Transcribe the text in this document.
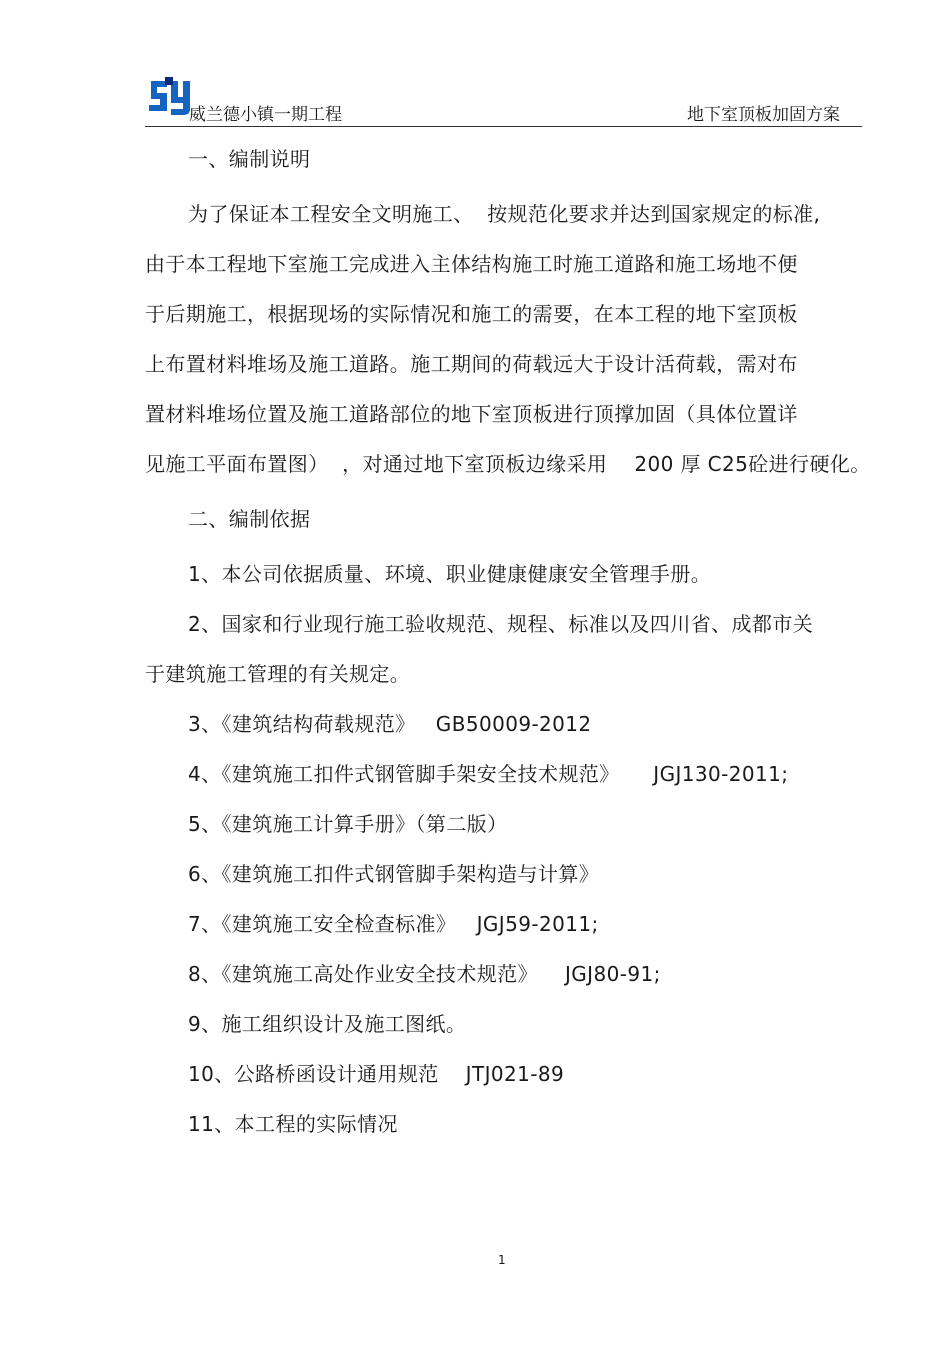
威兰德小镇一期工程	地下室顶板加固方案
一、编制说明
为了保证本工程安全文明施工、  按规范化要求并达到国家规定的标准,
由于本工程地下室施工完成进入主体结构施工时施工道路和施工场地不便
于后期施工，根据现场的实际情况和施工的需要，在本工程的地下室顶板
上布置材料堆场及施工道路。施工期间的荷载远大于设计活荷载，需对布
置材料堆场位置及施工道路部位的地下室顶板进行顶撑加固（具体位置详
见施工平面布置图）  ，对通过地下室顶板边缘采用    200 厚 C25砼进行硬化。
二、编制依据
1、本公司依据质量、环境、职业健康健康安全管理手册。
2、国家和行业现行施工验收规范、规程、标准以及四川省、成都市关
于建筑施工管理的有关规定。
3、《建筑结构荷载规范》   GB50009-2012
4、《建筑施工扣件式钢管脚手架安全技术规范》     JGJ130-2011;
5、《建筑施工计算手册》（第二版）
6、《建筑施工扣件式钢管脚手架构造与计算》
7、《建筑施工安全检查标准》   JGJ59-2011;
8、《建筑施工高处作业安全技术规范》    JGJ80-91;
9、施工组织设计及施工图纸。
10、公路桥函设计通用规范    JTJ021-89
11、本工程的实际情况
1
